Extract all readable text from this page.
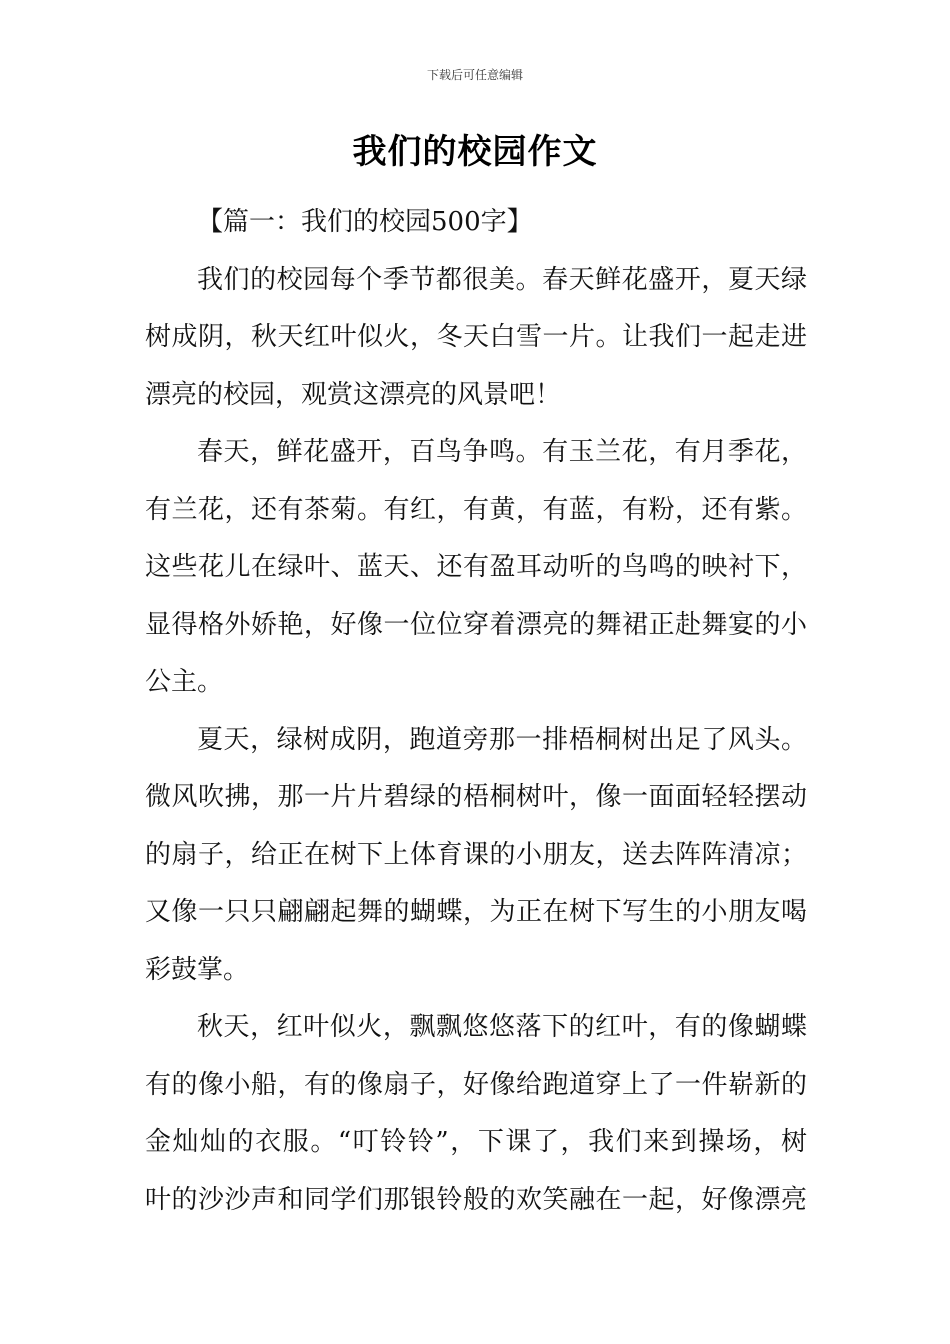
下载后可任意编辑
我们的校园作文
【篇一：我们的校园500字】
我们的校园每个季节都很美。春天鲜花盛开，夏天绿
树成阴，秋天红叶似火，冬天白雪一片。让我们一起走进
漂亮的校园，观赏这漂亮的风景吧！
春天，鲜花盛开，百鸟争鸣。有玉兰花，有月季花，
有兰花，还有茶菊。有红，有黄，有蓝，有粉，还有紫。
这些花儿在绿叶、蓝天、还有盈耳动听的鸟鸣的映衬下，
显得格外娇艳，好像一位位穿着漂亮的舞裙正赴舞宴的小
公主。
夏天，绿树成阴，跑道旁那一排梧桐树出足了风头。
微风吹拂，那一片片碧绿的梧桐树叶，像一面面轻轻摆动
的扇子，给正在树下上体育课的小朋友，送去阵阵清凉；
又像一只只翩翩起舞的蝴蝶，为正在树下写生的小朋友喝
彩鼓掌。
秋天，红叶似火，飘飘悠悠落下的红叶，有的像蝴蝶
有的像小船，有的像扇子，好像给跑道穿上了一件崭新的
金灿灿的衣服。“叮铃铃”，下课了，我们来到操场，树
叶的沙沙声和同学们那银铃般的欢笑融在一起，好像漂亮
